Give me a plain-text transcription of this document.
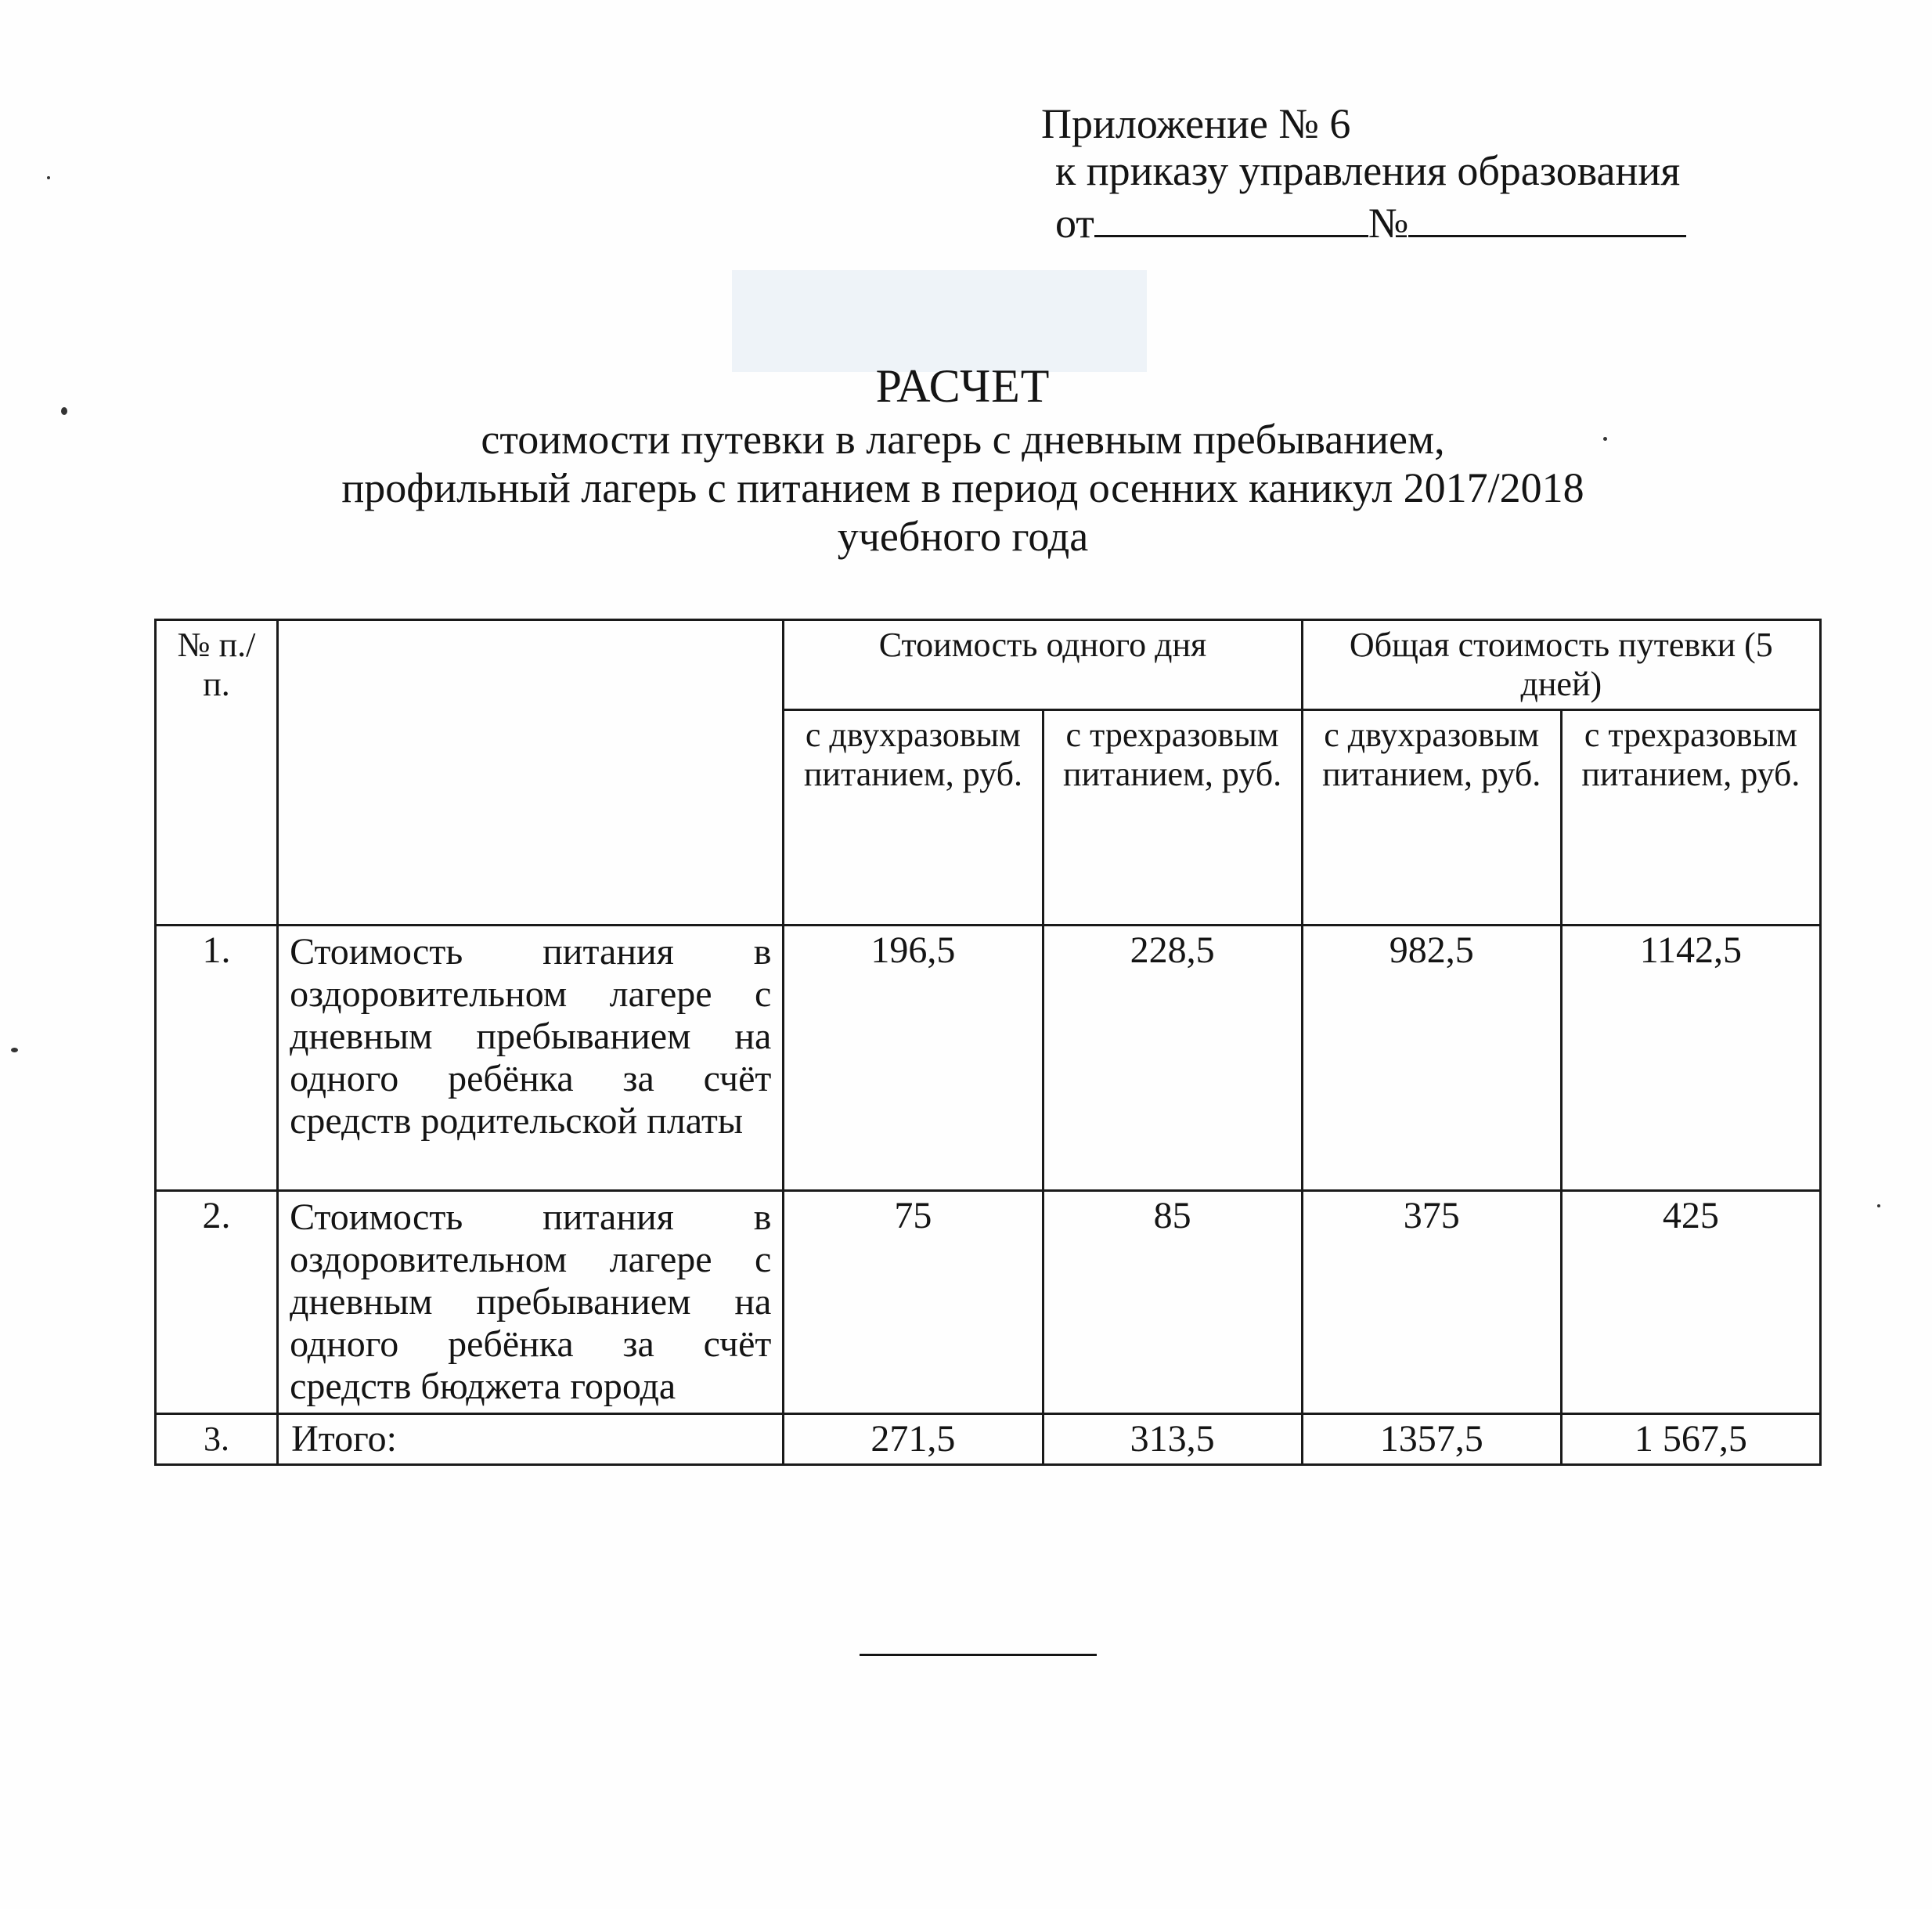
Приложение № 6
к приказу управления образования
от	№
РАСЧЕТ
стоимости путевки в лагерь с дневным пребыванием,
профильный лагерь с питанием в период осенних каникул 2017/2018
учебного года
№ п./п.		Стоимость одного дня		Общая стоимость путевки (5 дней)	
		с двухразовым питанием, руб.	с трехразовым питанием, руб.	с двухразовым питанием, руб.	с трехразовым питанием, руб.
1.	Стоимость питания в оздоровительном лагере с дневным пребыванием на одного ребёнка за счёт средств родительской платы	196,5	228,5	982,5	1142,5
2.	Стоимость питания в оздоровительном лагере с дневным пребыванием на одного ребёнка за счёт средств бюджета города	75	85	375	425
3.	Итого:	271,5	313,5	1357,5	1 567,5
